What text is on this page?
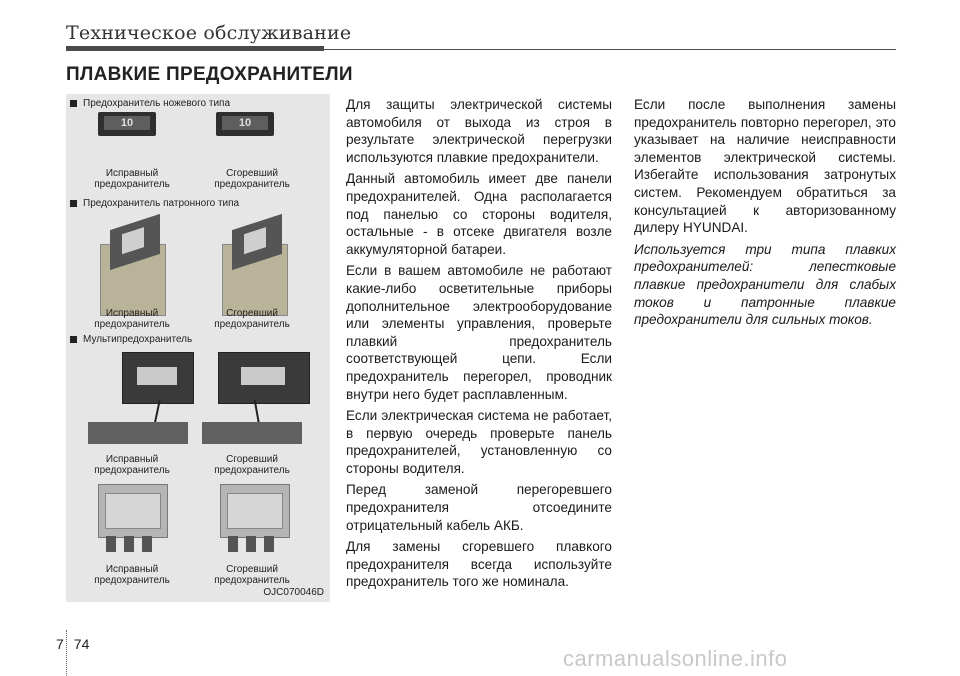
Техническое обслуживание
ПЛАВКИЕ ПРЕДОХРАНИТЕЛИ
Предохранитель ножевого типа
10	10
Исправный
предохранитель
Сгоревший
предохранитель
Предохранитель патронного типа
Исправный
предохранитель
Сгоревший
предохранитель
Мультипредохранитель
Исправный
предохранитель
Сгоревший
предохранитель
Исправный
предохранитель
Сгоревший
предохранитель
OJC070046D

Для защиты электрической системы автомобиля от выхода из строя в результате электрической перегрузки используются плавкие предохранители.

Данный автомобиль имеет две панели предохранителей. Одна располагается под панелью со стороны водителя, остальные - в отсеке двигателя возле аккумуляторной батареи.

Если в вашем автомобиле не работают какие-либо осветительные приборы дополнительное электрооборудование или элементы управления, проверьте плавкий предохранитель соответствующей цепи. Если предохранитель перегорел, проводник внутри него будет расплавленным.

Если электрическая система не работает, в первую очередь проверьте панель предохранителей, установленную со стороны водителя.

Перед заменой перегоревшего предохранителя отсоедините отрицательный кабель АКБ.

Для замены сгоревшего плавкого предохранителя всегда используйте предохранитель того же номинала.

Если после выполнения замены предохранитель повторно перегорел, это указывает на наличие неисправности элементов электрической системы. Избегайте использования затронутых систем. Рекомендуем обратиться за консультацией к авторизованному дилеру HYUNDAI.

Используется три типа плавких предохранителей: лепестковые плавкие предохранители для слабых токов и патронные плавкие предохранители для сильных токов.

7 74
carmanualsonline.info
